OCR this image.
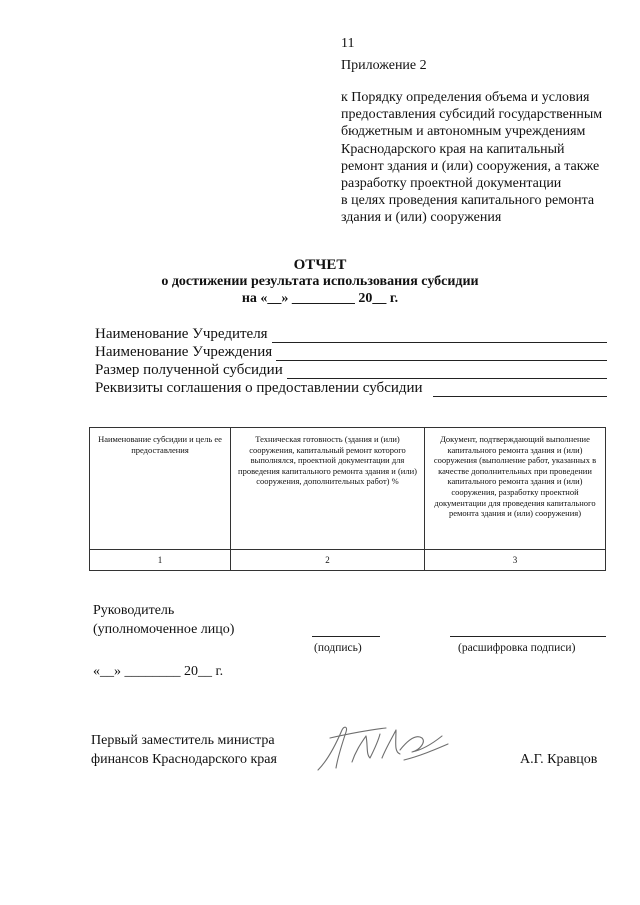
11
Приложение 2
к Порядку определения объема и условия
предоставления субсидий государственным
бюджетным и автономным учреждениям
Краснодарского края на капитальный
ремонт здания и (или) сооружения, а также
разработку проектной документации
в целях проведения капитального ремонта
здания и (или) сооружения
ОТЧЕТ
о достижении результата использования субсидии
на «__» _________ 20__ г.
Наименование Учредителя
Наименование Учреждения
Размер полученной субсидии
Реквизиты соглашения о предоставлении субсидии
Наименование субсидии и цель ее предоставления	Техническая готовность (здания и (или) сооружения, капитальный ремонт которого выполнялся, проектной документации для проведения капитального ремонта здания и (или) сооружения, дополнительных работ) %	Документ, подтверждающий выполнение капитального ремонта здания и (или) сооружения (выполнение работ, указанных в качестве дополнительных при проведении капитального ремонта здания и (или) сооружения, разработку проектной документации для проведения капитального ремонта здания и (или) сооружения)
1	2	3
Руководитель
(уполномоченное лицо)
(подпись)	(расшифровка подписи)
«__» ________ 20__ г.
Первый заместитель министра
финансов Краснодарского края	А.Г. Кравцов
